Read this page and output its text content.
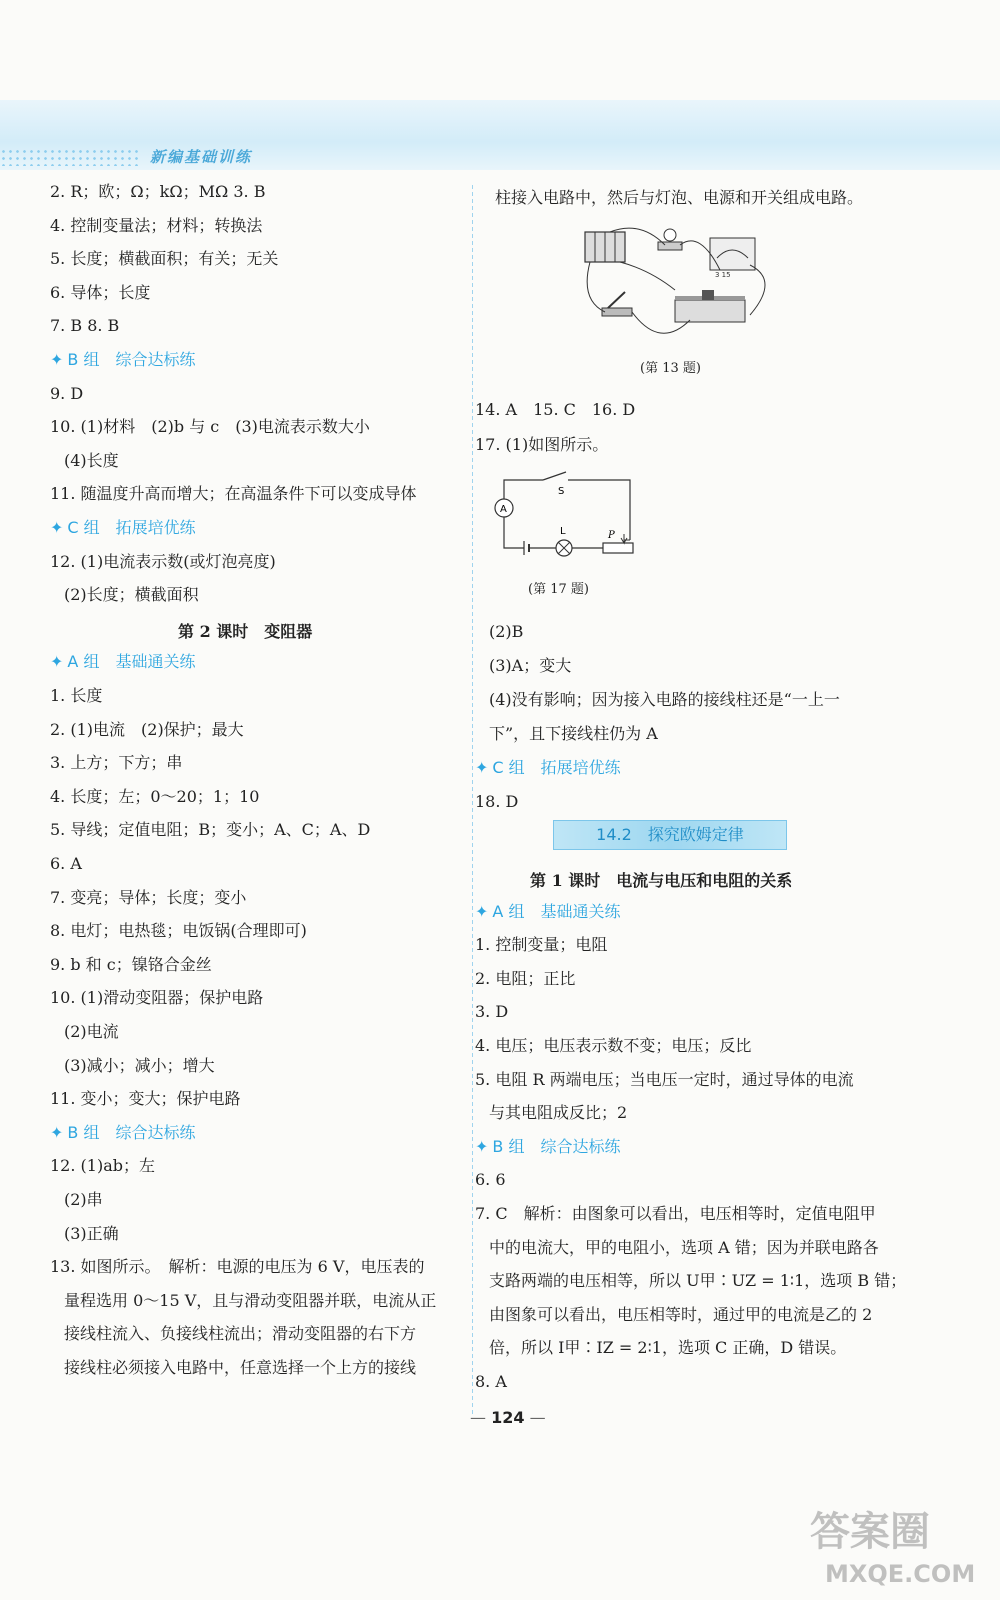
新编基础训练
2. R；欧；Ω；kΩ；MΩ 3. B
4. 控制变量法；材料；转换法
5. 长度；横截面积；有关；无关
6. 导体；长度
7. B 8. B
✦ B 组　综合达标练
9. D
10. (1)材料　(2)b 与 c　(3)电流表示数大小
(4)长度
11. 随温度升高而增大；在高温条件下可以变成导体
✦ C 组　拓展培优练
12. (1)电流表示数(或灯泡亮度)
(2)长度；横截面积
第 2 课时　变阻器
✦ A 组　基础通关练
1. 长度
2. (1)电流　(2)保护；最大
3. 上方；下方；串
4. 长度；左；0～20；1；10
5. 导线；定值电阻；B；变小；A、C；A、D
6. A
7. 变亮；导体；长度；变小
8. 电灯；电热毯；电饭锅(合理即可)
9. b 和 c；镍铬合金丝
10. (1)滑动变阻器；保护电路
(2)电流
(3)减小；减小；增大
11. 变小；变大；保护电路
✦ B 组　综合达标练
12. (1)ab；左
(2)串
(3)正确
13. 如图所示。　解析：电源的电压为 6 V，电压表的
量程选用 0～15 V，且与滑动变阻器并联，电流从正
接线柱流入、负接线柱流出；滑动变阻器的右下方
接线柱必须接入电路中，任意选择一个上方的接线
柱接入电路中，然后与灯泡、电源和开关组成电路。
3 15
(第 13 题)
14. A　15. C　16. D
17. (1)如图所示。
A
S
L	P
(第 17 题)
(2)B
(3)A；变大
(4)没有影响；因为接入电路的接线柱还是“一上一
下”，且下接线柱仍为 A
✦ C 组　拓展培优练
18. D
14.2　探究欧姆定律
第 1 课时　电流与电压和电阻的关系
✦ A 组　基础通关练
1. 控制变量；电阻
2. 电阻；正比
3. D
4. 电压；电压表示数不变；电压；反比
5. 电阻 R 两端电压；当电压一定时，通过导体的电流
与其电阻成反比；2
✦ B 组　综合达标练
6. 6
7. C　解析：由图象可以看出，电压相等时，定值电阻甲
中的电流大，甲的电阻小，选项 A 错；因为并联电路各
支路两端的电压相等，所以 U甲∶UZ = 1∶1，选项 B 错；
由图象可以看出，电压相等时，通过甲的电流是乙的 2
倍，所以 I甲∶IZ = 2∶1，选项 C 正确，D 错误。
8. A
— 124 —
答案圈
MXQE.COM
